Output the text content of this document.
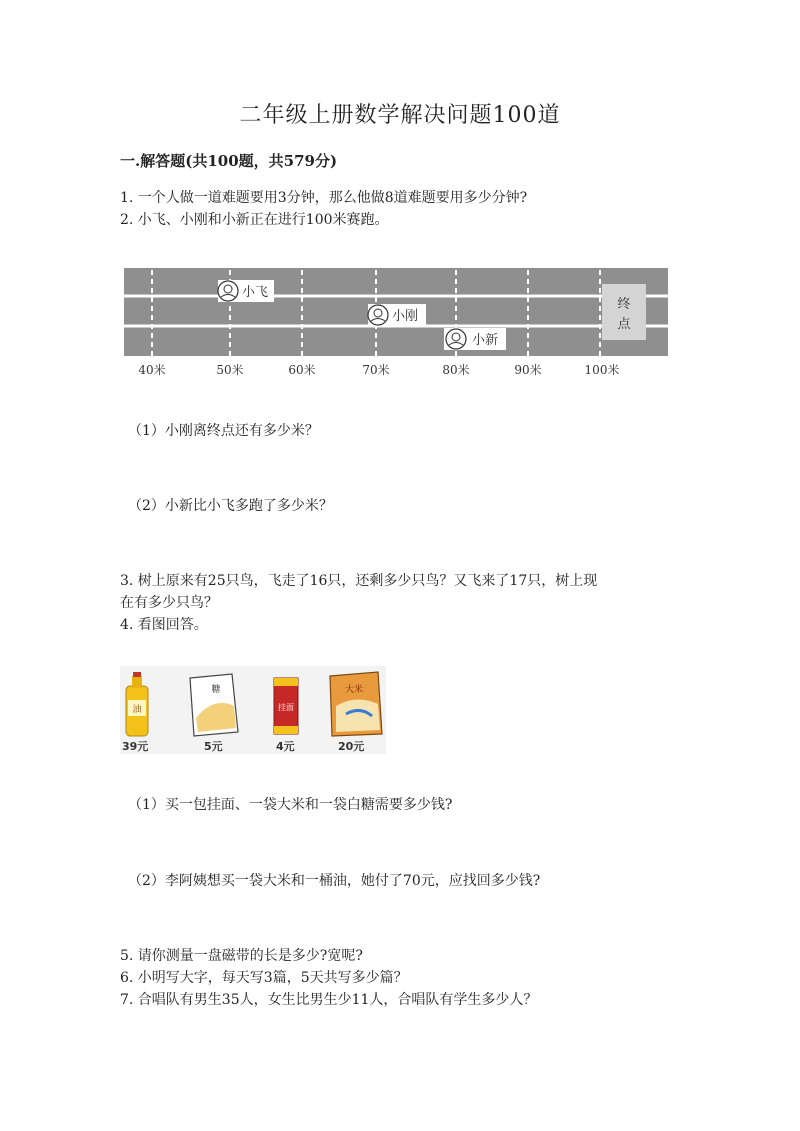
二年级上册数学解决问题100道
一.解答题(共100题，共579分)
1. 一个人做一道难题要用3分钟，那么他做8道难题要用多少分钟?
2. 小飞、小刚和小新正在进行100米赛跑。
终
点
小飞
小刚
小新
40米	50米	60米	70米	80米	90米	100米
（1）小刚离终点还有多少米？
（2）小新比小飞多跑了多少米？
3. 树上原来有25只鸟，飞走了16只，还剩多少只鸟？又飞来了17只，树上现
在有多少只鸟？
4. 看图回答。
油
39元
糖
5元
挂面
4元
大米
20元
（1）买一包挂面、一袋大米和一袋白糖需要多少钱?
（2）李阿姨想买一袋大米和一桶油，她付了70元，应找回多少钱?
5. 请你测量一盘磁带的长是多少?宽呢?
6. 小明写大字，每天写3篇，5天共写多少篇？
7. 合唱队有男生35人，女生比男生少11人，合唱队有学生多少人？
